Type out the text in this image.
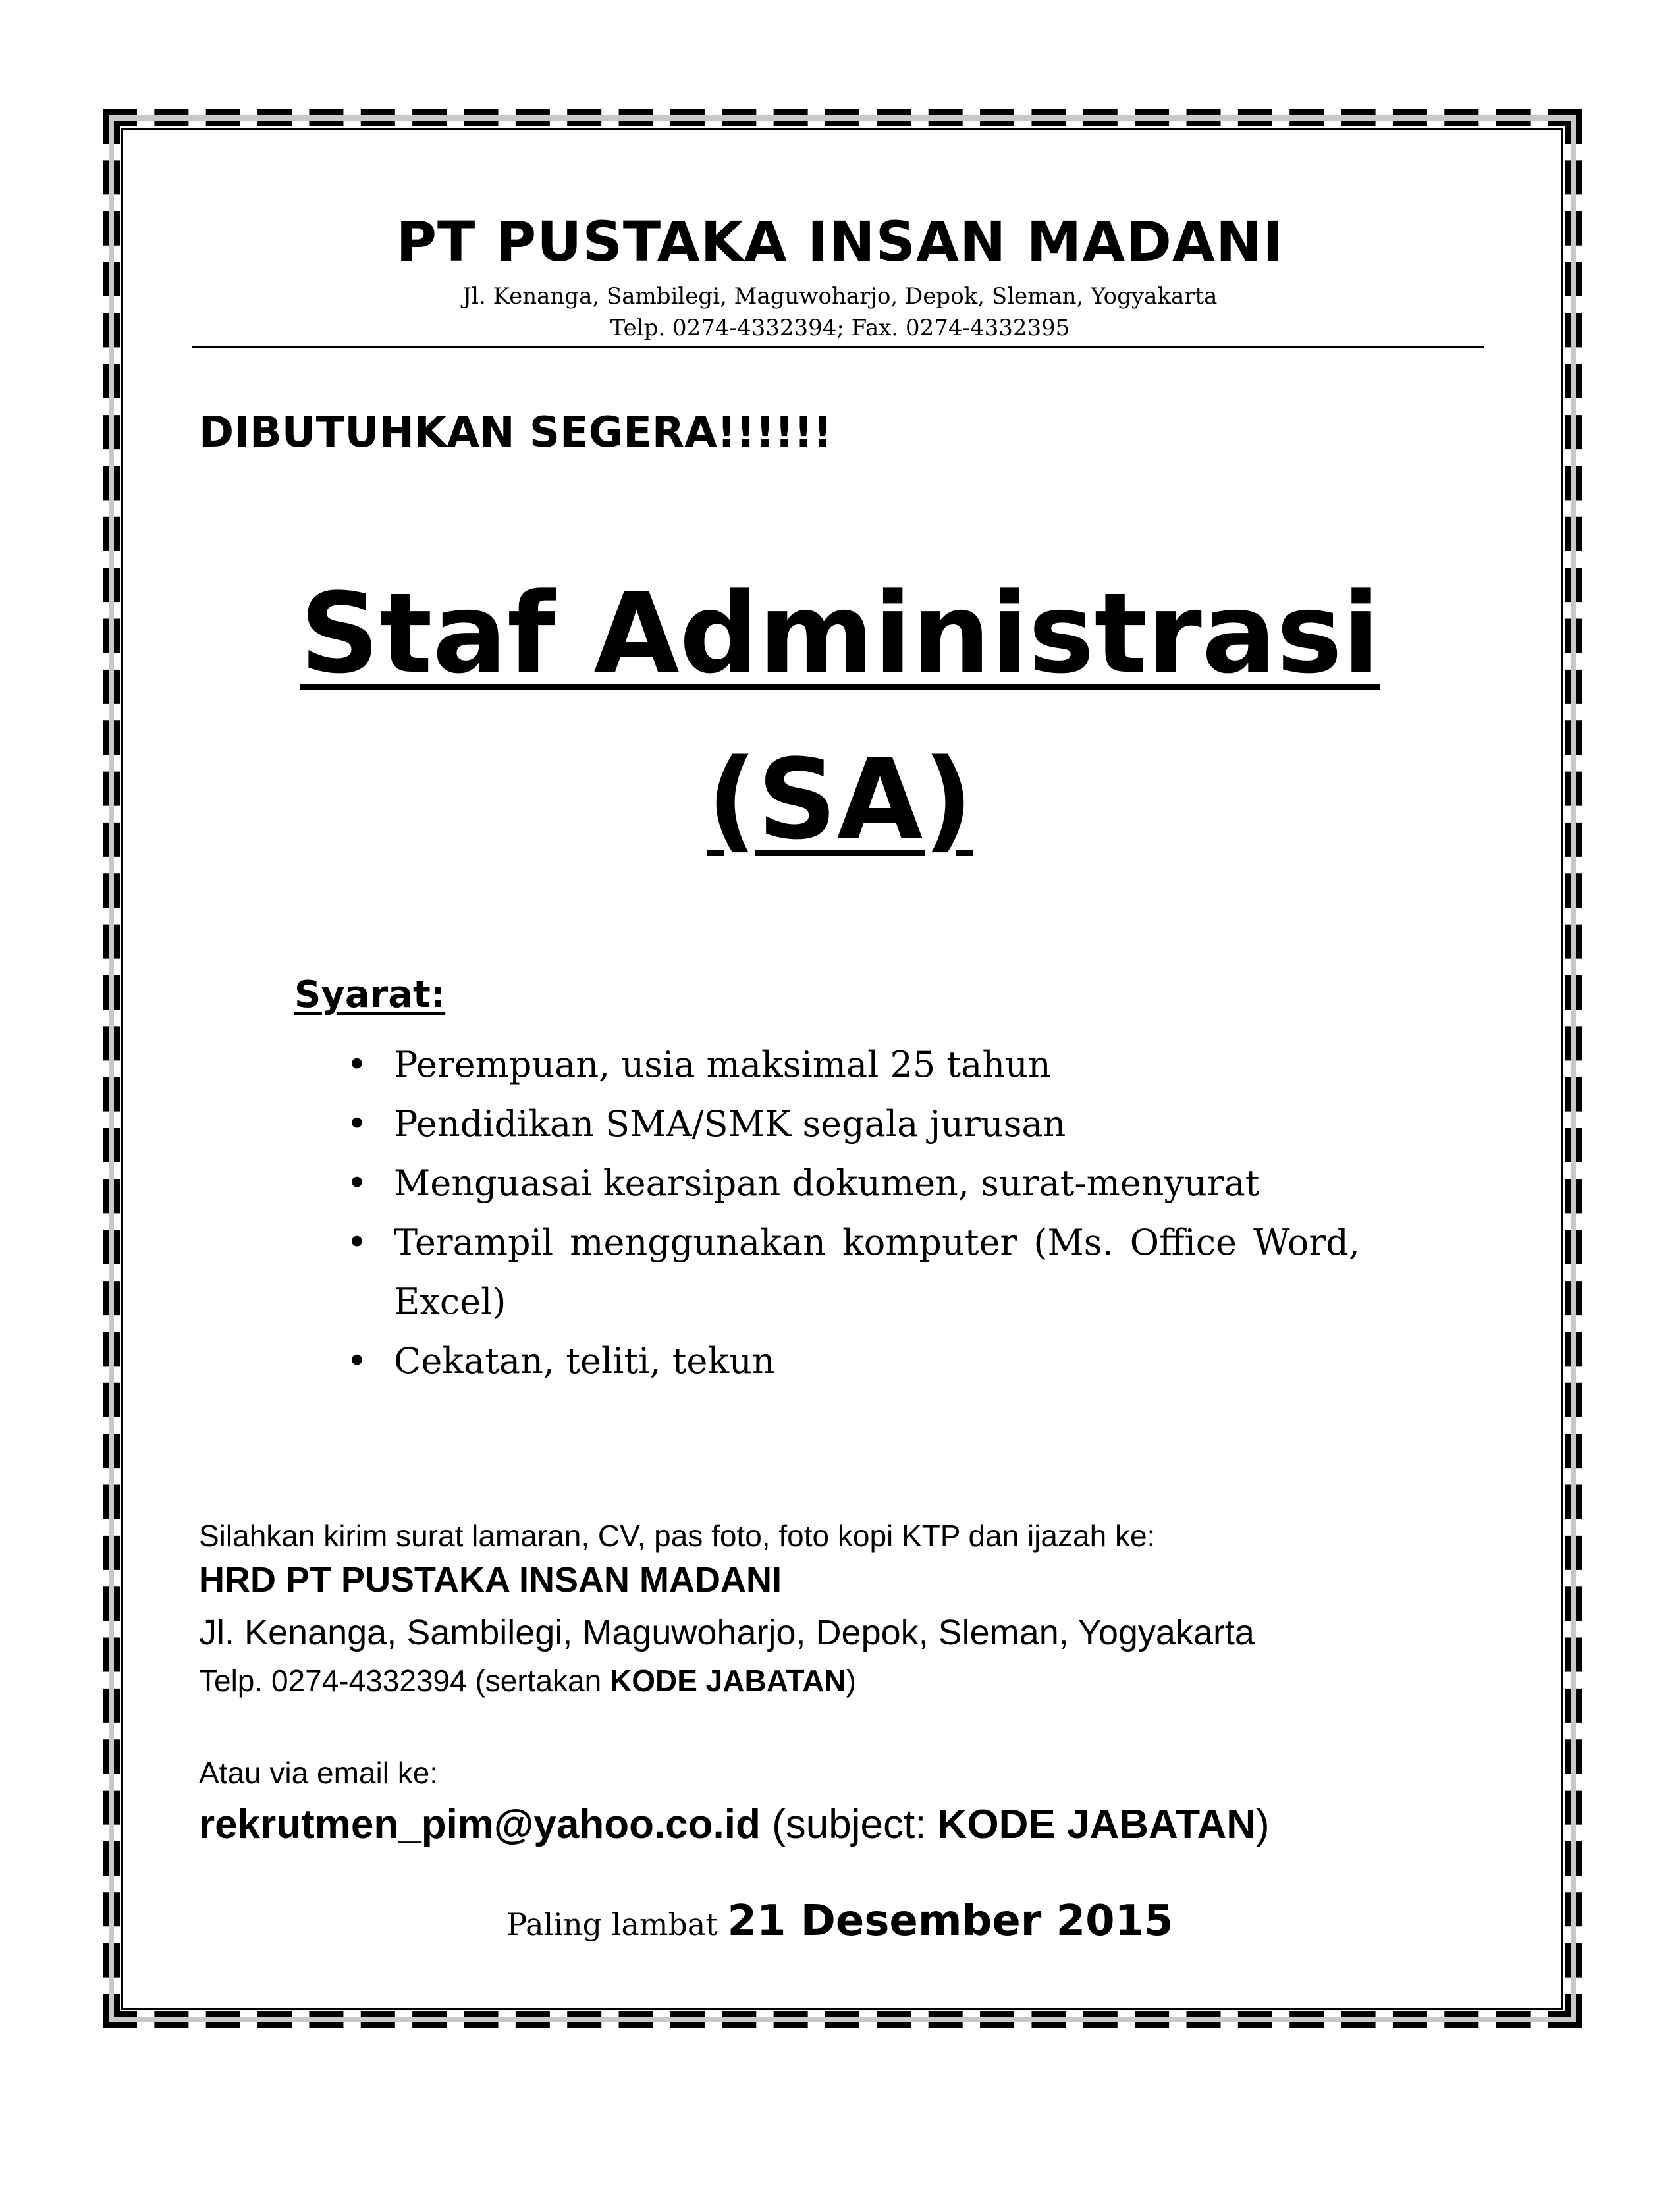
PT PUSTAKA INSAN MADANI

Jl. Kenanga, Sambilegi, Maguwoharjo, Depok, Sleman, Yogyakarta

Telp. 0274-4332394; Fax. 0274-4332395

DIBUTUHKAN SEGERA!!!!!!
Staf Administrasi
(SA)
Syarat:
• Perempuan, usia maksimal 25 tahun
• Pendidikan SMA/SMK segala jurusan
• Menguasai kearsipan dokumen, surat-menyurat
• Terampil menggunakan komputer (Ms. Office Word, Excel)
• Cekatan, teliti, tekun

Silahkan kirim surat lamaran, CV, pas foto, foto kopi KTP dan ijazah ke:

HRD PT PUSTAKA INSAN MADANI

Jl. Kenanga, Sambilegi, Maguwoharjo, Depok, Sleman, Yogyakarta

Telp. 0274-4332394 (sertakan KODE JABATAN)

Atau via email ke:

rekrutmen_pim@yahoo.co.id (subject: KODE JABATAN)

Paling lambat 21 Desember 2015
